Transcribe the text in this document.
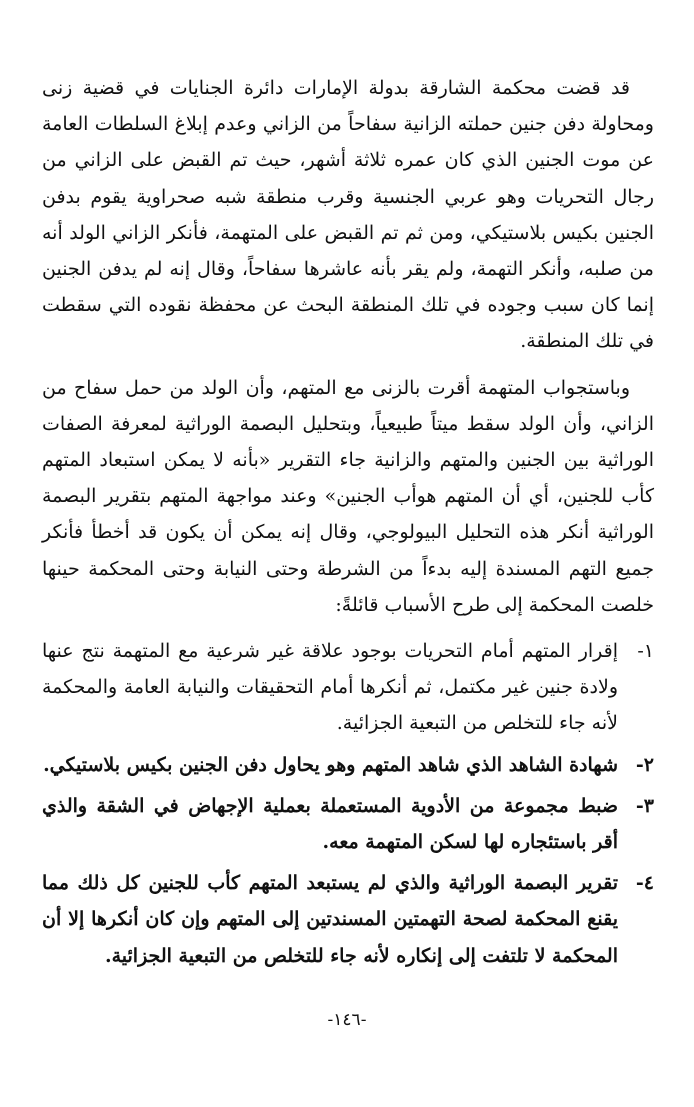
قد قضت محكمة الشارقة بدولة الإمارات دائرة الجنايات في قضية زنى ومحاولة دفن جنين حملته الزانية سفاحاً من الزاني وعدم إبلاغ السلطات العامة عن موت الجنين الذي كان عمره ثلاثة أشهر، حيث تم القبض على الزاني من رجال التحريات وهو عربي الجنسية وقرب منطقة شبه صحراوية يقوم بدفن الجنين بكيس بلاستيكي، ومن ثم تم القبض على المتهمة، فأنكر الزاني الولد أنه من صلبه، وأنكر التهمة، ولم يقر بأنه عاشرها سفاحاً، وقال إنه لم يدفن الجنين إنما كان سبب وجوده في تلك المنطقة البحث عن محفظة نقوده التي سقطت في تلك المنطقة.

وباستجواب المتهمة أقرت بالزنى مع المتهم، وأن الولد من حمل سفاح من الزاني، وأن الولد سقط ميتاً طبيعياً، وبتحليل البصمة الوراثية لمعرفة الصفات الوراثية بين الجنين والمتهم والزانية جاء التقرير «بأنه لا يمكن استبعاد المتهم كأب للجنين، أي أن المتهم هوأب الجنين» وعند مواجهة المتهم بتقرير البصمة الوراثية أنكر هذه التحليل البيولوجي، وقال إنه يمكن أن يكون قد أخطأ فأنكر جميع التهم المسندة إليه بدءاً من الشرطة وحتى النيابة وحتى المحكمة حينها خلصت المحكمة إلى طرح الأسباب قائلةً:

١-
إقرار المتهم أمام التحريات بوجود علاقة غير شرعية مع المتهمة نتج عنها ولادة جنين غير مكتمل، ثم أنكرها أمام التحقيقات والنيابة العامة والمحكمة لأنه جاء للتخلص من التبعية الجزائية.
٢-
شهادة الشاهد الذي شاهد المتهم وهو يحاول دفن الجنين بكيس بلاستيكي.
٣-
ضبط مجموعة من الأدوية المستعملة بعملية الإجهاض في الشقة والذي أقر باستئجاره لها لسكن المتهمة معه.
٤-
تقرير البصمة الوراثية والذي لم يستبعد المتهم كأب للجنين كل ذلك مما يقنع المحكمة لصحة التهمتين المسندتين إلى المتهم وإن كان أنكرها إلا أن المحكمة لا تلتفت إلى إنكاره لأنه جاء للتخلص من التبعية الجزائية.
-١٤٦-
